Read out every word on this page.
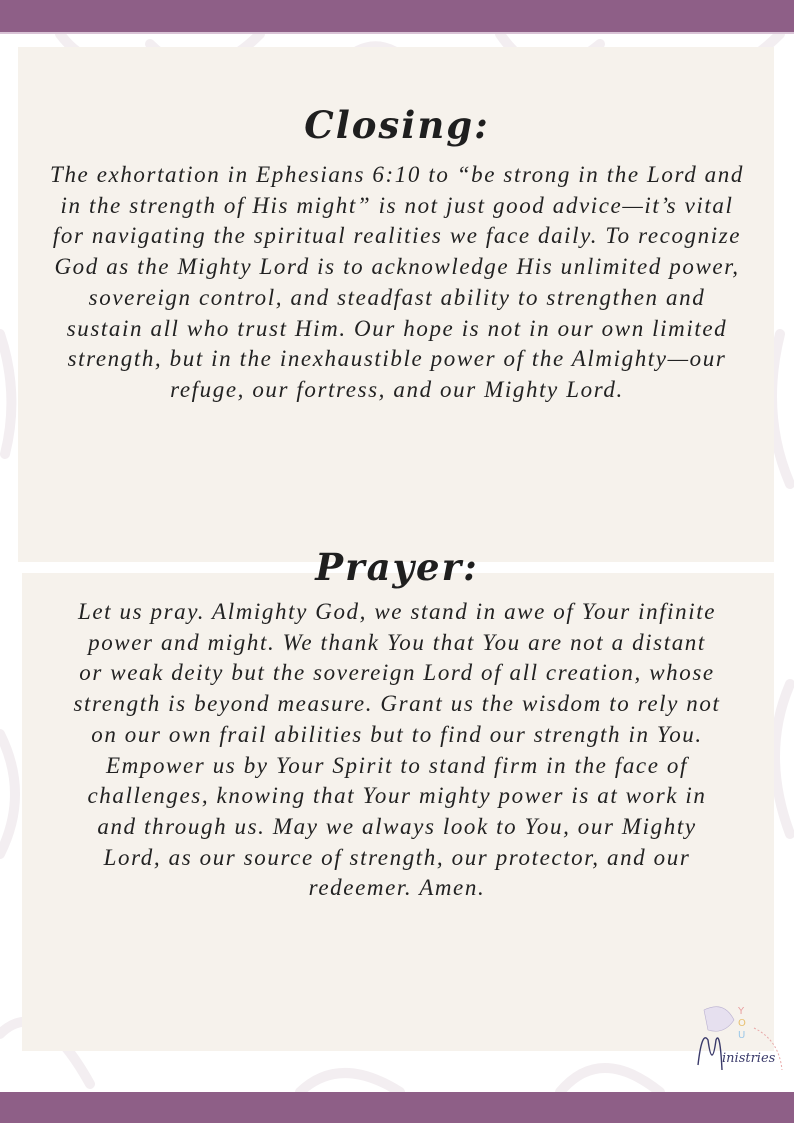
Closing:
The exhortation in Ephesians 6:10 to “be strong in the Lord and
in the strength of His might” is not just good advice—it’s vital
for navigating the spiritual realities we face daily. To recognize
God as the Mighty Lord is to acknowledge His unlimited power,
sovereign control, and steadfast ability to strengthen and
sustain all who trust Him. Our hope is not in our own limited
strength, but in the inexhaustible power of the Almighty—our
refuge, our fortress, and our Mighty Lord.
Prayer:
Let us pray. Almighty God, we stand in awe of Your infinite
power and might. We thank You that You are not a distant
or weak deity but the sovereign Lord of all creation, whose
strength is beyond measure. Grant us the wisdom to rely not
on our own frail abilities but to find our strength in You.
Empower us by Your Spirit to stand firm in the face of
challenges, knowing that Your mighty power is at work in
and through us. May we always look to You, our Mighty
Lord, as our source of strength, our protector, and our
redeemer. Amen.
Y
O
U
inistries
